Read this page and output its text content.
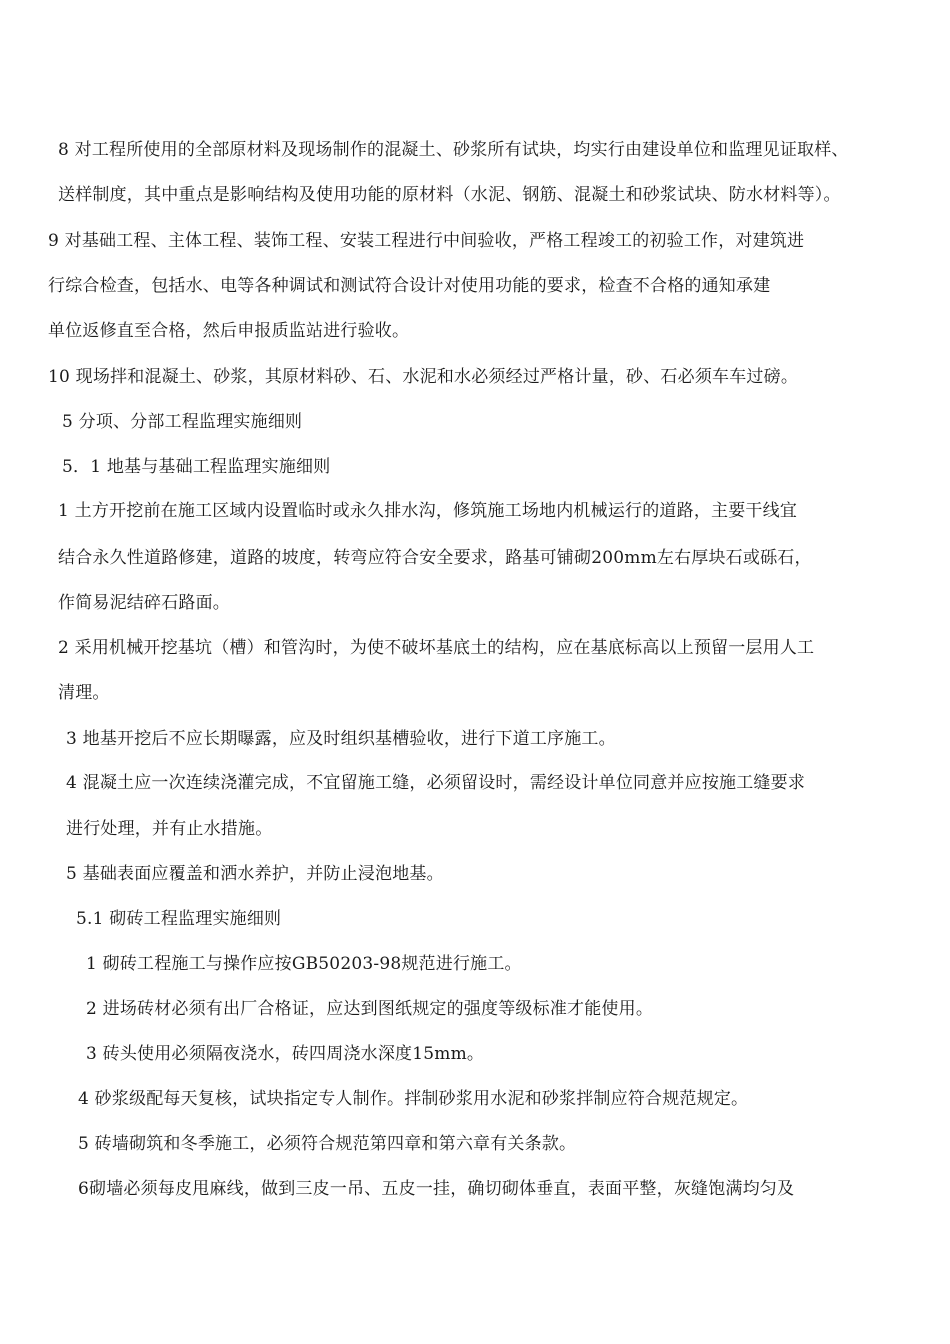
8 对工程所使用的全部原材料及现场制作的混凝土、砂浆所有试块，均实行由建设单位和监理见证取样、
送样制度，其中重点是影响结构及使用功能的原材料（水泥、钢筋、混凝土和砂浆试块、防水材料等）。
9 对基础工程、主体工程、装饰工程、安装工程进行中间验收，严格工程竣工的初验工作，对建筑进
行综合检查，包括水、电等各种调试和测试符合设计对使用功能的要求，检查不合格的通知承建
单位返修直至合格，然后申报质监站进行验收。
10 现场拌和混凝土、砂浆，其原材料砂、石、水泥和水必须经过严格计量，砂、石必须车车过磅。
5 分项、分部工程监理实施细则
5．1 地基与基础工程监理实施细则
1 土方开挖前在施工区域内设置临时或永久排水沟，修筑施工场地内机械运行的道路，主要干线宜
结合永久性道路修建，道路的坡度，转弯应符合安全要求，路基可铺砌200mm左右厚块石或砾石，
作简易泥结碎石路面。
2 采用机械开挖基坑（槽）和管沟时，为使不破坏基底土的结构，应在基底标高以上预留一层用人工
清理。
3 地基开挖后不应长期曝露，应及时组织基槽验收，进行下道工序施工。
4 混凝土应一次连续浇灌完成，不宜留施工缝，必须留设时，需经设计单位同意并应按施工缝要求
进行处理，并有止水措施。
5 基础表面应覆盖和洒水养护，并防止浸泡地基。
5.1 砌砖工程监理实施细则
1 砌砖工程施工与操作应按GB50203-98规范进行施工。
2 进场砖材必须有出厂合格证，应达到图纸规定的强度等级标准才能使用。
3 砖头使用必须隔夜浇水，砖四周浇水深度15mm。
4 砂浆级配每天复核，试块指定专人制作。拌制砂浆用水泥和砂浆拌制应符合规范规定。
5 砖墙砌筑和冬季施工，必须符合规范第四章和第六章有关条款。
6砌墙必须每皮甩麻线，做到三皮一吊、五皮一挂，确切砌体垂直，表面平整，灰缝饱满均匀及
